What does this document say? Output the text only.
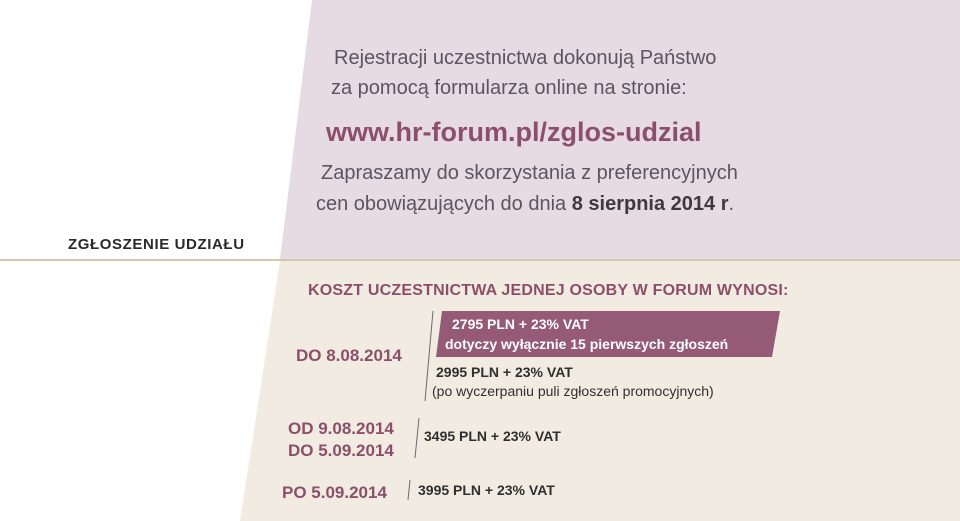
Rejestracji uczestnictwa dokonują Państwo
za pomocą formularza online na stronie:
www.hr-forum.pl/zglos-udzial
Zapraszamy do skorzystania z preferencyjnych
cen obowiązujących do dnia 8 sierpnia 2014 r.
ZGŁOSZENIE UDZIAŁU
KOSZT UCZESTNICTWA JEDNEJ OSOBY W FORUM WYNOSI:
DO 8.08.2014
2795 PLN + 23% VAT
dotyczy wyłącznie 15 pierwszych zgłoszeń
2995 PLN + 23% VAT
(po wyczerpaniu puli zgłoszeń promocyjnych)
OD 9.08.2014
DO 5.09.2014
3495 PLN + 23% VAT
PO 5.09.2014 3995 PLN + 23% VAT
